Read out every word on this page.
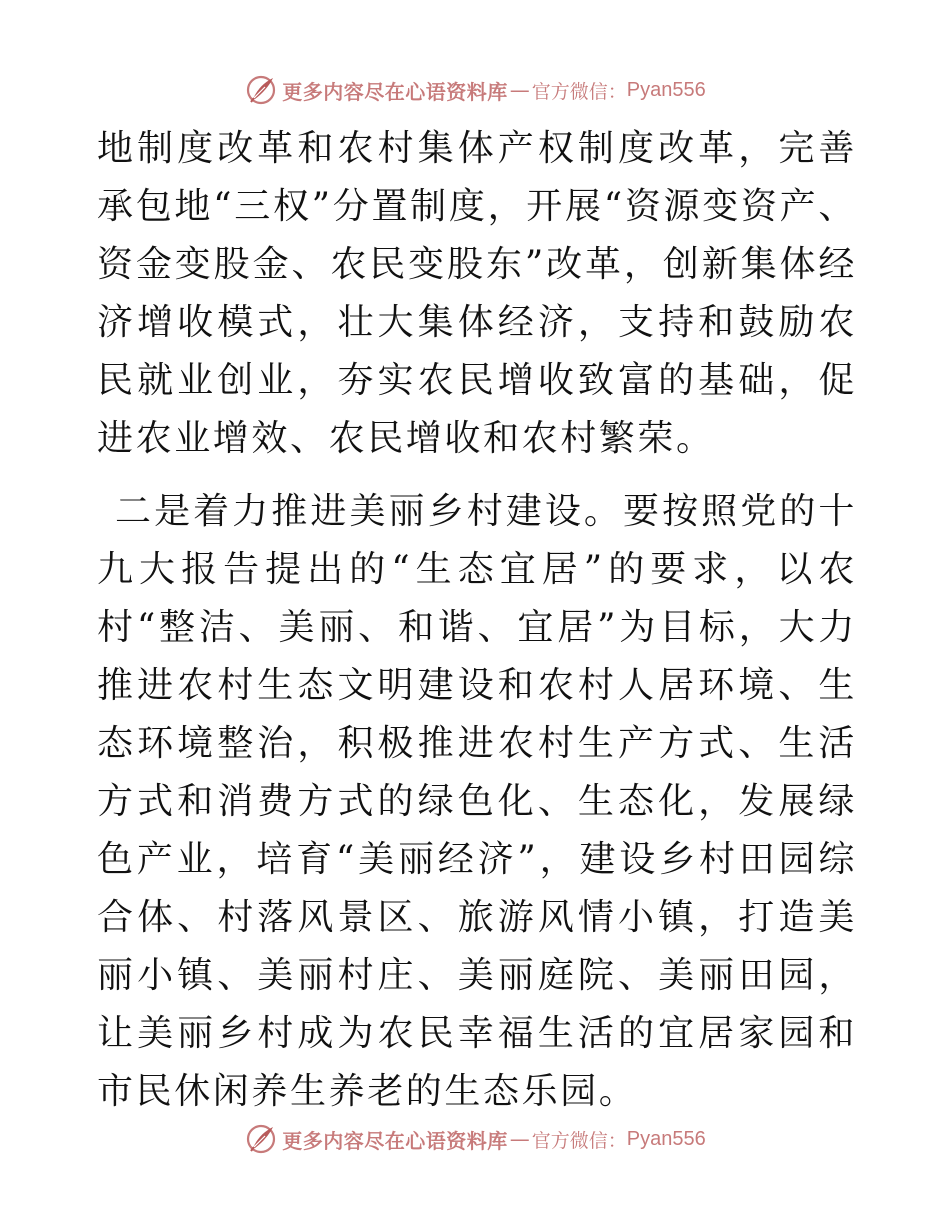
更多内容尽在心语资料库 — 官方微信： Pyan556

地制度改革和农村集体产权制度改革，完善承包地“三权”分置制度，开展“资源变资产、资金变股金、农民变股东”改革，创新集体经济增收模式，壮大集体经济，支持和鼓励农民就业创业，夯实农民增收致富的基础，促进农业增效、农民增收和农村繁荣。

二是着力推进美丽乡村建设。要按照党的十九大报告提出的“生态宜居”的要求，以农村“整洁、美丽、和谐、宜居”为目标，大力推进农村生态文明建设和农村人居环境、生态环境整治，积极推进农村生产方式、生活方式和消费方式的绿色化、生态化，发展绿色产业，培育“美丽经济”，建设乡村田园综合体、村落风景区、旅游风情小镇，打造美丽小镇、美丽村庄、美丽庭院、美丽田园，让美丽乡村成为农民幸福生活的宜居家园和市民休闲养生养老的生态乐园。

更多内容尽在心语资料库 — 官方微信： Pyan556
